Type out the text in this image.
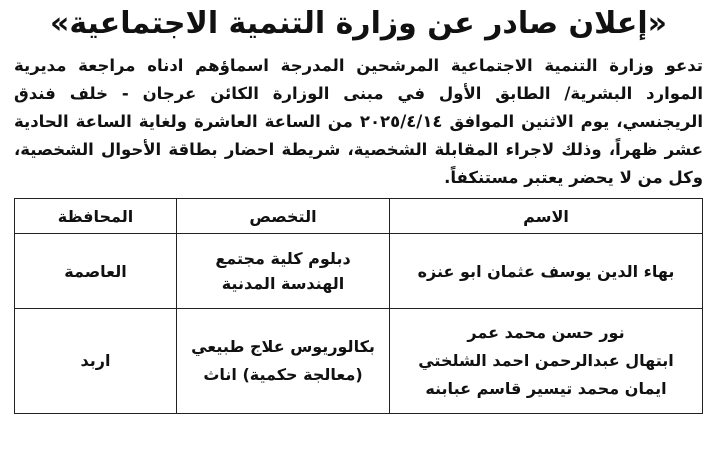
«إعلان صادر عن وزارة التنمية الاجتماعية»

تدعو وزارة التنمية الاجتماعية المرشحين المدرجة اسماؤهم ادناه مراجعة مديرية الموارد البشرية/ الطابق الأول في مبنى الوزارة الكائن عرجان - خلف فندق الريجنسي، يوم الاثنين الموافق ٢٠٢٥/٤/١٤ من الساعة العاشرة ولغاية الساعة الحادية عشر ظهراً، وذلك لاجراء المقابلة الشخصية، شريطة احضار بطاقة الأحوال الشخصية، وكل من لا يحضر يعتبر مستنكفاً.

الاسم	التخصص	المحافظة

بهاء الدين يوسف عثمان ابو عنزه	دبلوم كلية مجتمع الهندسة المدنية	العاصمة

نور حسن محمد عمر
ابتهال عبدالرحمن احمد الشلختي
ايمان محمد تيسير قاسم عبابنه	بكالوريوس علاج طبيعي (معالجة حكمية) اناث	اربد
